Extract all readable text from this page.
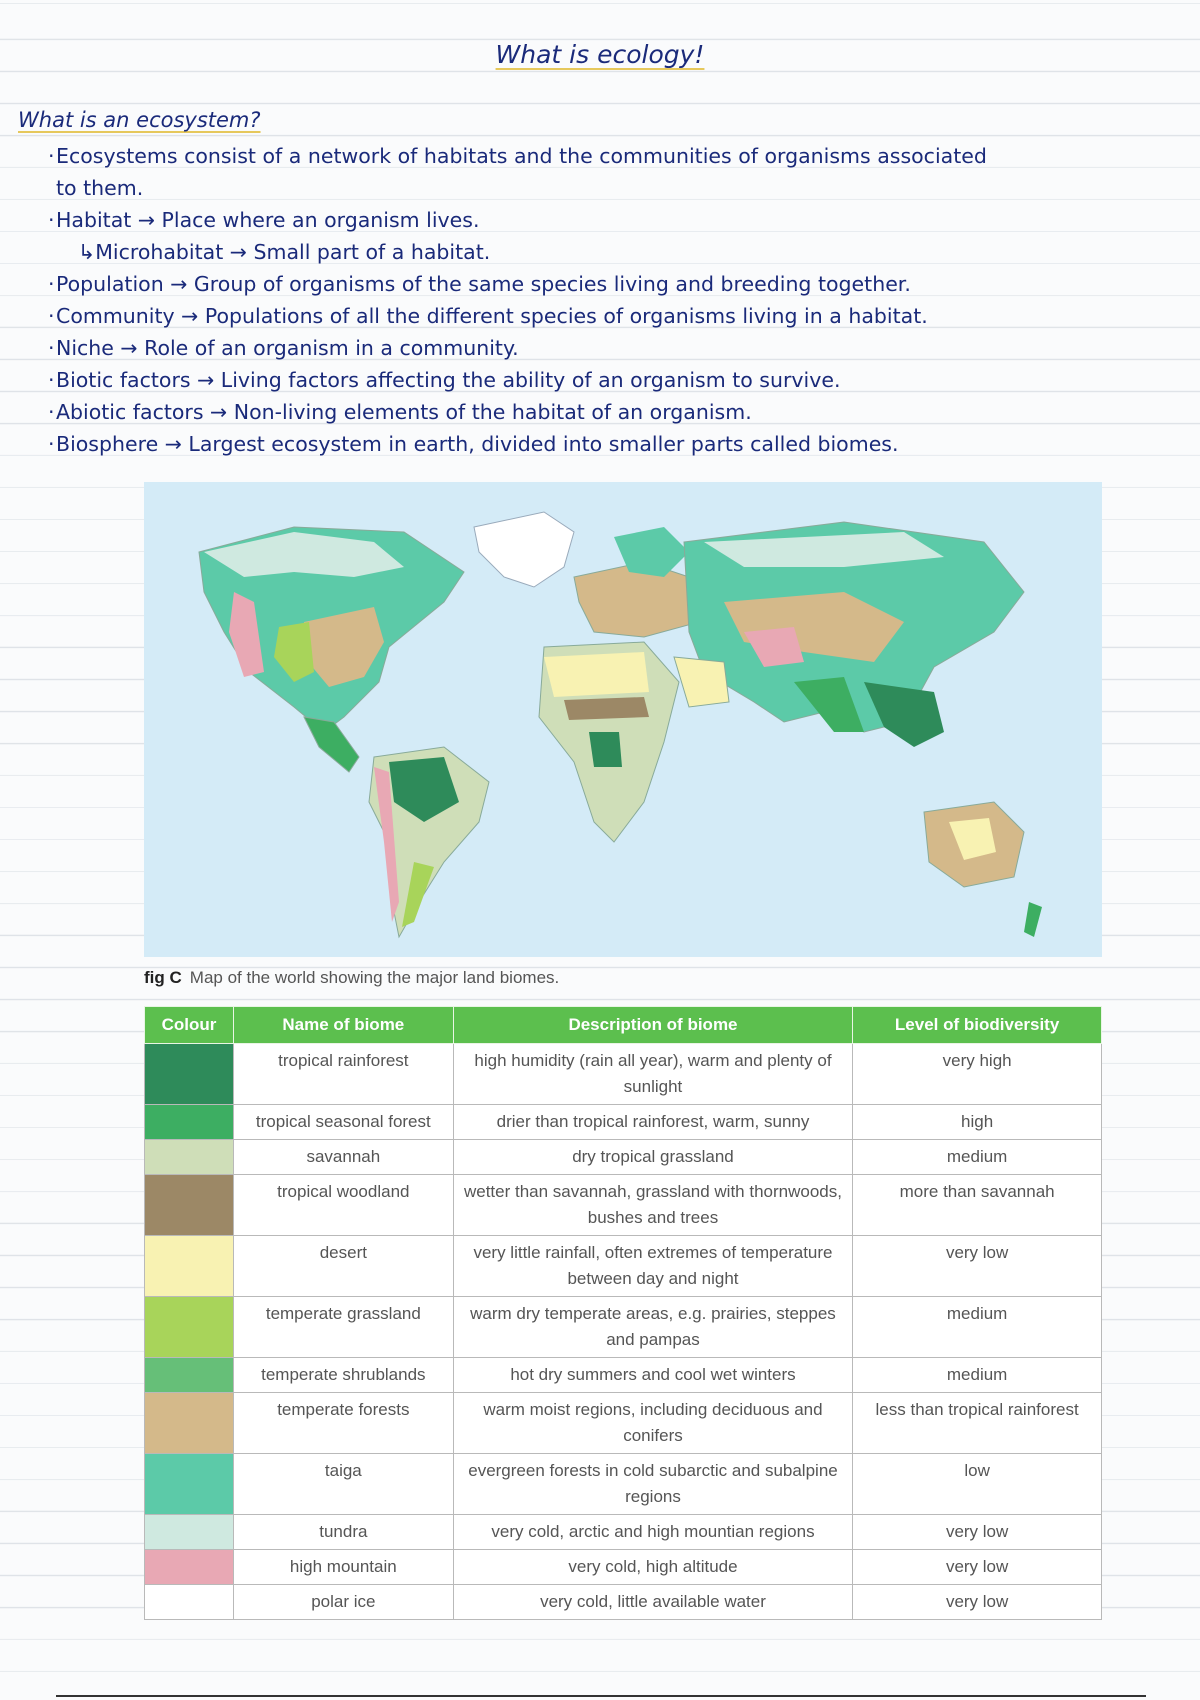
What is ecology!
What is an ecosystem?
·Ecosystems consist of a network of habitats and the communities of organisms associated
to them.
·Habitat → Place where an organism lives.
↳ Microhabitat → Small part of a habitat.
·Population → Group of organisms of the same species living and breeding together.
·Community → Populations of all the different species of organisms living in a habitat.
·Niche → Role of an organism in a community.
·Biotic factors → Living factors affecting the ability of an organism to survive.
·Abiotic factors → Non-living elements of the habitat of an organism.
·Biosphere → Largest ecosystem in earth, divided into smaller parts called biomes.
fig C Map of the world showing the major land biomes.
Colour	Name of biome	Description of biome	Level of biodiversity
	tropical rainforest	high humidity (rain all year), warm and plenty of sunlight	very high
	tropical seasonal forest	drier than tropical rainforest, warm, sunny	high
	savannah	dry tropical grassland	medium
	tropical woodland	wetter than savannah, grassland with thornwoods, bushes and trees	more than savannah
	desert	very little rainfall, often extremes of temperature between day and night	very low
	temperate grassland	warm dry temperate areas, e.g. prairies, steppes and pampas	medium
	temperate shrublands	hot dry summers and cool wet winters	medium
	temperate forests	warm moist regions, including deciduous and conifers	less than tropical rainforest
	taiga	evergreen forests in cold subarctic and subalpine regions	low
	tundra	very cold, arctic and high mountian regions	very low
	high mountain	very cold, high altitude	very low
	polar ice	very cold, little available water	very low
